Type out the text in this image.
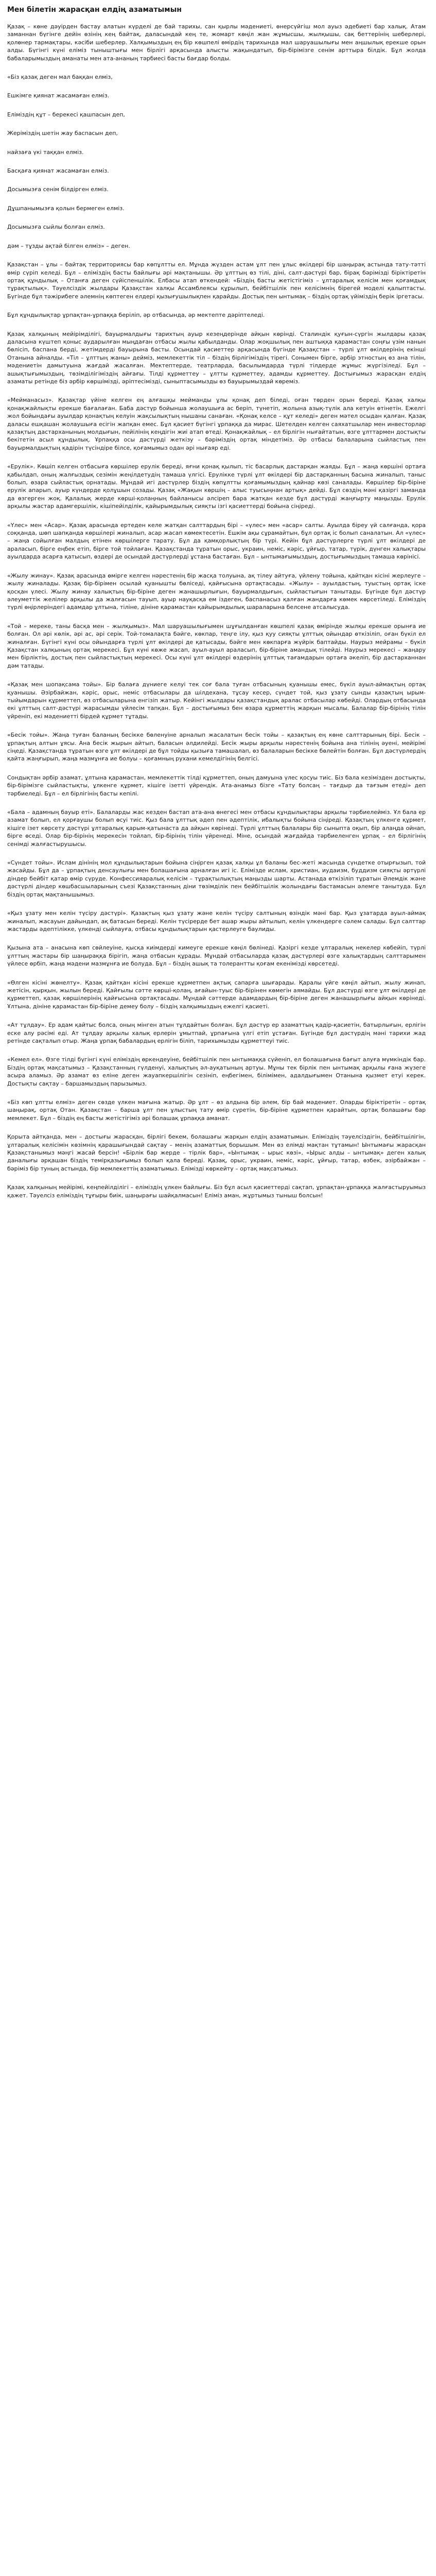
Мен білетін жарасқан елдің азаматымын

Қазақ – көне дәуірден бастау алатын күрделі де бай тарихы, сан қырлы мәдениеті, өнерсүйгіш мол ауыз әдебиеті бар халық. Атам заманнан бүгінге дейін өзінің кең байтақ, даласындай кең те, жомарт көңіл жан жұмысшы, жылқышы, сақ беттерінің шеберлері, қолөнер тармақтары, кәсіби шеберлер. Халқымыздың ең бір көшпелі өмірдің тарихында мал шаруашылығы мен аңшылық ерекше орын алды. Бүгінгі күні еліміз тыныштығы мен бірлігі арқасында алысты жақындатып, бір-бірімізге сенім арттыра білдік. Бұл жолда бабаларымыздың аманаты мен ата-ананың тәрбиесі басты бағдар болды.

«Біз қазақ деген мал баққан елміз,

Ешкімге қиянат жасамаған елміз.

Еліміздің құт – берекесі қашпасын деп,

Жеріміздің шетін жау баспасын деп,

найзаға үкі таққан елміз.

Басқаға қиянат жасамаған елміз.

Досымызға сенім білдірген елміз.

Дұшпанымызға қолын бермеген елміз.

Досымызға сыйлы болған елміз.

дәм – тұзды ақтай білген елміз» – деген.

Қазақстан – ұлы – байтақ территориясы бар көпұлтты ел. Мұнда жүзден астам ұлт пен ұлыс өкілдері бір шаңырақ астында тату-тәтті өмір сүріп келеді. Бұл – еліміздің басты байлығы әрі мақтанышы. Әр ұлттың өз тілі, діні, салт-дәстүрі бар, бірақ бәрімізді біріктіретін ортақ құндылық – Отанға деген сүйіспеншілік. Елбасы атап өткендей: «Біздің басты жетістігіміз – ұлтаралық келісім мен қоғамдық тұрақтылық». Тәуелсіздік жылдары Қазақстан халқы Ассамблеясы құрылып, бейбітшілік пен келісімнің бірегей моделі қалыптасты. Бүгінде бұл тәжірибеге әлемнің көптеген елдері қызығушылықпен қарайды. Достық пен ынтымақ – біздің ортақ үйіміздің берік іргетасы.

Бұл құндылықтар ұрпақтан-ұрпаққа беріліп, әр отбасында, әр мектепте дәріптеледі.

Қазақ халқының мейірімділігі, бауырмалдығы тарихтың ауыр кезеңдерінде айқын көрінді. Сталиндік қуғын-сүргін жылдары қазақ даласына күштеп қоныс аударылған мыңдаған отбасы жылы қабылданды. Олар жоқшылық пен аштыққа қарамастан соңғы үзім нанын бөлісіп, баспана берді, жетімдерді бауырына басты. Осындай қасиеттер арқасында бүгінде Қазақстан – түрлі ұлт өкілдерінің екінші Отанына айналды. «Тіл – ұлттың жаны» дейміз, мемлекеттік тіл – біздің бірлігіміздің тірегі. Сонымен бірге, әрбір этностың өз ана тілін, мәдениетін дамытуына жағдай жасалған. Мектептерде, театрларда, басылымдарда түрлі тілдерде жұмыс жүргізіледі. Бұл – ашықтығымыздың, төзімділігіміздің айғағы. Тілді құрметтеу – ұлтты құрметтеу, адамды құрметтеу. Достығымыз жарасқан елдің азаматы ретінде біз әрбір көршімізді, әріптесімізді, сыныптасымызды өз бауырымыздай көреміз.

«Мейманасыз». Қазақтар үйіне келген ең алғашқы мейманды ұлы қонақ деп біледі, оған төрден орын береді. Қазақ халқы қонақжайлықты ерекше бағалаған. Баба дәстүр бойынша жолаушыға ас беріп, түнетіп, жолына азық-түлік ала кетуін өтінетін. Ежелгі жол бойындағы ауылдар қонақтың келуін жақсылықтың нышаны санаған. «Қонақ келсе – құт келеді» деген мәтел осыдан қалған. Қазақ даласы ешқашан жолаушыға есігін жапқан емес. Бұл қасиет бүгінгі ұрпаққа да мирас. Шетелден келген саяхатшылар мен инвесторлар қазақтың дастарханының молдығын, пейілінің кеңдігін жиі атап өтеді. Қонақжайлық – ел бірлігін нығайтатын, өзге ұлттармен достықты бекітетін асыл құндылық. Ұрпаққа осы дәстүрді жеткізу – бәріміздің ортақ міндетіміз. Әр отбасы балаларына сыйластық пен бауырмалдықтың қадірін түсіндіре білсе, қоғамымыз одан әрі нығаяр еді.

«Ерулік». Көшіп келген отбасыға көршілер ерулік береді, яғни қонақ қылып, тіс басарлық дастарқан жаяды. Бұл – жаңа көршіні ортаға қабылдап, оның жалғыздық сезімін жеңілдетудің тамаша үлгісі. Ерулікке түрлі ұлт өкілдері бір дастарқанның басына жиналып, таныс болып, өзара сыйластық орнатады. Мұндай игі дәстүрлер біздің көпұлтты қоғамымыздың қайнар көзі саналады. Көршілер бір-біріне ерулік апарып, ауыр күндерде қолұшын созады. Қазақ «Жақын көршің – алыс туысыңнан артық» дейді. Бұл сөздің мәні қазіргі заманда да өзгерген жоқ. Қалалық жерде көрші-қолаңның байланысы әлсіреп бара жатқан кезде бұл дәстүрді жаңғырту маңызды. Ерулік арқылы жастар адамгершілік, кішіпейілділік, қайырымдылық сияқты ізгі қасиеттерді бойына сіңіреді.

«Үлес» мен «Асар». Қазақ арасында ертеден келе жатқан салттардың бірі – «үлес» мен «асар» салты. Ауылда біреу үй салғанда, қора соққанда, шөп шапқанда көршілері жиналып, асар жасап көмектесетін. Ешкім ақы сұрамайтын, бұл ортақ іс болып саналатын. Ал «үлес» – жаңа сойылған малдың етінен көршілерге тарату. Бұл да қамқорлықтың бір түрі. Кейін бұл дәстүрлерге түрлі ұлт өкілдері де араласып, бірге еңбек етіп, бірге той тойлаған. Қазақстанда тұратын орыс, украин, неміс, кәріс, ұйғыр, татар, түрік, дүнген халықтары ауылдарда асарға қатысып, өздері де осындай дәстүрлерді ұстана бастаған. Бұл – ынтымағымыздың, достығымыздың тамаша көрінісі.

«Жылу жинау». Қазақ арасында өмірге келген нәрестенің бір жасқа толуына, ақ тілеу айтуға, үйлену тойына, қайтқан кісіні жерлеуге – жылу жиналады. Қазақ бір-бірімен осылай қуанышты бөліседі, қайғысына ортақтасады. «Жылу» – ауылдастың, туыстың ортақ іске қосқан үлесі. Жылу жинау халықтың бір-біріне деген жанашырлығын, бауырмалдығын, сыйластығын танытады. Бүгінде бұл дәстүр әлеуметтік желілер арқылы да жалғасын тауып, ауыр науқасқа ем іздеген, баспанасыз қалған жандарға көмек көрсетіледі. Еліміздің түрлі өңірлеріндегі адамдар ұлтына, тіліне, дініне қарамастан қайырымдылық шараларына белсене атсалысуда.

«Той – мереке, таны басқа мен – жылқымыз». Мал шаруашылығымен шұғылданған көшпелі қазақ өмірінде жылқы ерекше орынға ие болған. Ол әрі көлік, әрі ас, әрі серік. Той-томалақта бәйге, көкпар, теңге ілу, қыз қуу сияқты ұлттық ойындар өткізіліп, оған бүкіл ел жиналған. Бүгінгі күні осы ойындарға түрлі ұлт өкілдері де қатысады, бәйге мен көкпарға жүйрік баптайды. Наурыз мейрамы – бүкіл Қазақстан халқының ортақ мерекесі. Бұл күні көже жасап, ауыл-ауыл араласып, бір-біріне амандық тілейді. Наурыз мерекесі – жаңару мен бірліктің, достық пен сыйластықтың мерекесі. Осы күні ұлт өкілдері өздерінің ұлттық тағамдарын ортаға әкеліп, бір дастарханнан дәм татады.

«Қазақ мен шопақсама тойы». Бір балаға дүниеге келуі тек соғ бала туған отбасының қуанышы емес, бүкіл ауыл-аймақтың ортақ қуанышы. Әзірбайжан, кәріс, орыс, неміс отбасылары да шілдехана, тұсау кесер, сүндет той, қыз ұзату сынды қазақтың ырым-тыйымдарын құрметтеп, өз отбасыларына енгізіп жатыр. Кейінгі жылдары қазақстандық аралас отбасылар көбейді. Олардың отбасында екі ұлттың салт-дәстүрі жарасымды үйлесім тапқан. Бұл – достығымыз бен өзара құрметтің жарқын мысалы. Балалар бір-бірінің тілін үйреніп, екі мәдениетті бірдей құрмет тұтады.

«Бесік тойы». Жаңа туған баланың бесікке бөленуіне арналып жасалатын бесік тойы – қазақтың ең көне салттарының бірі. Бесік – ұрпақтың алтын ұясы. Ана бесік жырын айтып, баласын әлдилейді. Бесік жыры арқылы нәрестенің бойына ана тілінің әуені, мейірімі сіңеді. Қазақстанда тұратын өзге ұлт өкілдері де бұл тойды қызыға тамашалап, өз балаларын бесікке бөлейтін болған. Бұл дәстүрлердің қайта жаңғырып, жаңа мазмұнға ие болуы – қоғамның рухани кемелдігінің белгісі.

Сондықтан әрбір азамат, ұлтына қарамастан, мемлекеттік тілді құрметтеп, оның дамуына үлес қосуы тиіс. Біз бала кезімізден достықты, бір-бірімізге сыйластықты, ұлкенге құрмет, кішіге ізетті үйрендік. Ата-анамыз бізге «Тату болсаң – тағдыр да тағзым етеді» деп тәрбиеледі. Бұл – ел бірлігінің басты кепілі.

«Бала – адамның бауыр еті». Балаларды жас кезден бастап ата-ана өнегесі мен отбасы құндылықтары арқылы тәрбиелейміз. Ұл бала ер азамат болып, ел қорғаушы болып өсуі тиіс. Қыз бала ұлттық әдеп пен әдептілік, ибалықты бойына сіңіреді. Қазақтың үлкенге құрмет, кішіге ізет көрсету дәстүрі ұлтаралық қарым-қатынаста да айқын көрінеді. Түрлі ұлттың балалары бір сыныпта оқып, бір алаңда ойнап, бірге өседі. Олар бір-бірінің мерекесін тойлап, бір-бірінің тілін үйренеді. Міне, осындай жағдайда тәрбиеленген ұрпақ – ел бірлігінің сенімді жалғастырушысы.

«Сүндет тойы». Ислам дінінің мол құндылықтарын бойына сіңірген қазақ халқы ұл баланы бес-жеті жасында сүндетке отырғызып, той жасайды. Бұл да – ұрпақтың денсаулығы мен болашағына арналған игі іс. Елімізде ислам, христиан, иудаизм, буддизм сияқты әртүрлі діндер бейбіт қатар өмір сүруде. Конфессияаралық келісім – тұрақтылықтың маңызды шарты. Астанада өткізіліп тұратын Әлемдік және дәстүрлі діндер көшбасшыларының съезі Қазақстанның діни төзімділік пен бейбітшілік жолындағы бастамасын әлемге танытуда. Бұл біздің ортақ мақтанышымыз.

«Қыз ұзату мен келін түсіру дәстүрі». Қазақтың қыз ұзату және келін түсіру салтының өзіндік мәні бар. Қыз ұзатарда ауыл-аймақ жиналып, жасауын дайындап, ақ батасын береді. Келін түсірерде бет ашар жыры айтылып, келін үлкендерге сәлем салады. Бұл салттар жастарды әдептілікке, үлкенді сыйлауға, отбасы құндылықтарын қастерлеуге баулиды.

Қызына ата – анасына көп сөйлеуіне, қысқа киімдерді кимеуге ерекше көңіл бөлінеді. Қазіргі кезде ұлтаралық некелер көбейіп, түрлі ұлттың жастары бір шаңыраққа бірігіп, жаңа отбасын құрады. Мұндай отбасыларда қазақ дәстүрлері өзге халықтардың салттарымен үйлесе өрбіп, жаңа мәдени мазмұнға ие болуда. Бұл – біздің ашық та толерантты қоғам екенімізді көрсетеді.

«Өлген кісіні жөнелту». Қазақ қайтқан кісіні ерекше құрметпен ақтық сапарға шығарады. Қаралы үйге көңіл айтып, жылу жинап, жетісін, қырқын, жылын береді. Қайғылы сәтте көрші-қолаң, ағайын-туыс бір-бірінен көмегін аямайды. Бұл дәстүрді өзге ұлт өкілдері де құрметтеп, қазақ көршілерінің қайғысына ортақтасады. Мұндай сәттерде адамдардың бір-біріне деген жанашырлығы айқын көрінеді. Ұлтына, дініне қарамастан бір-біріне демеу болу – біздің халқымыздың ежелгі қасиеті.

«Ат тұлдау». Ер адам қайтыс болса, оның мінген атын тұлдайтын болған. Бұл дәстүр ер азаматтың қадір-қасиетін, батырлығын, ерлігін еске алу рәсімі еді. Ат тұлдау арқылы халық ерлерін ұмытпай, ұрпағына үлгі етіп ұстаған. Бүгінде бұл дәстүрдің мәні тарихи жад ретінде сақталып отыр. Жаңа ұрпақ бабалардың ерлігін біліп, тарихымызды құрметтеуі тиіс.

«Кемел ел». Өзге тілді бүгінгі күні еліміздің өркендеуіне, бейбітшілік пен ынтымаққа сүйеніп, ел болашағына бағыт алуға мүмкіндік бар. Біздің ортақ мақсатымыз – Қазақстанның гүлденуі, халықтың әл-ауқатының артуы. Мұны тек бірлік пен ынтымақ арқылы ғана жүзеге асыра аламыз. Әр азамат өз еліне деген жауапкершілігін сезініп, еңбегімен, білімімен, адалдығымен Отанына қызмет етуі керек. Достықты сақтау – баршамыздың парызымыз.

«Біз көп ұлтты елміз» деген сөзде үлкен мағына жатыр. Әр ұлт – өз алдына бір әлем, бір бай мәдениет. Оларды біріктіретін – ортақ шаңырақ, ортақ Отан. Қазақстан – барша ұлт пен ұлыстың тату өмір сүретін, бір-біріне құрметпен қарайтын, ортақ болашағы бар мемлекет. Бұл – біздің ең басты жетістігіміз әрі болашақ ұрпаққа аманат.

Қорыта айтқанда, мен – достығы жарасқан, бірлігі бекем, болашағы жарқын елдің азаматымын. Еліміздің тәуелсіздігін, бейбітшілігін, ұлтаралық келісімін көзімнің қарашығындай сақтау – менің азаматтық борышым. Мен өз елімді мақтан тұтамын! Ынтымағы жарасқан Қазақстанымыз мәңгі жасай берсін! «Бірлік бар жерде – тірлік бар», «Ынтымақ – ырыс көзі», «Ырыс алды – ынтымақ» деген халық даналығы әрқашан біздің темірқазығымыз болып қала береді. Қазақ, орыс, украин, неміс, кәріс, ұйғыр, татар, өзбек, әзірбайжан – бәріміз бір туның астында, бір мемлекеттің азаматымыз. Елімізді көркейту – ортақ мақсатымыз.

Қазақ халқының мейірімі, кеңпейілділігі – еліміздің үлкен байлығы. Біз бұл асыл қасиеттерді сақтап, ұрпақтан-ұрпаққа жалғастыруымыз қажет. Тәуелсіз еліміздің тұғыры биік, шаңырағы шайқалмасын! Еліміз аман, жұртымыз тыныш болсын!
